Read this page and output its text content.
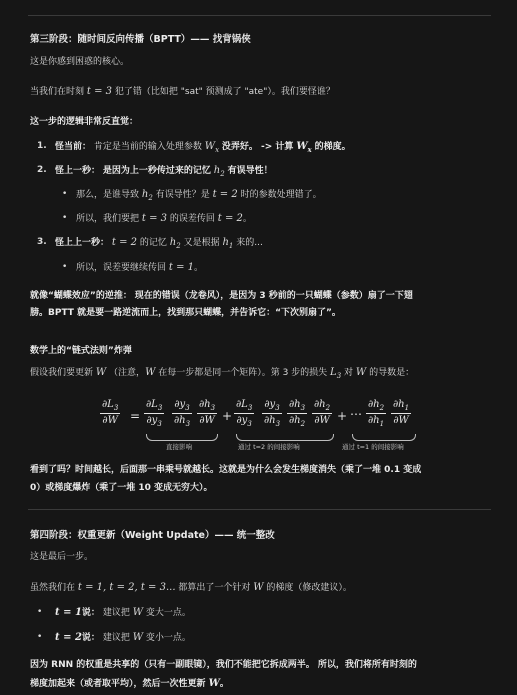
第三阶段：随时间反向传播（BPTT）—— 找背锅侠
这是你感到困惑的核心。
当我们在时刻 t = 3 犯了错（比如把 "sat" 预测成了 "ate"）。我们要怪谁？
这一步的逻辑非常反直觉：
1. 怪当前： 肯定是当前的输入处理参数 $W_x$ 没弄好。 -> 计算 $W_x$ 的梯度。
2. 怪上一秒： 是因为上一秒传过来的记忆 $h_2$ 有误导性！
• 那么，是谁导致 $h_2$ 有误导性？是 t = 2 时的参数处理错了。
• 所以，我们要把 t = 3 的误差传回 t = 2。
3. 怪上上一秒： t = 2 的记忆 $h_2$ 又是根据 $h_1$ 来的...
• 所以，误差要继续传回 t = 1。
就像“蝴蝶效应”的逆推： 现在的错误（龙卷风），是因为 3 秒前的一只蝴蝶（参数）扇了一下翅
膀。BPTT 就是要一路逆流而上，找到那只蝴蝶，并告诉它：“下次别扇了”。
数学上的“链式法则”炸弹
假设我们要更新 W （注意，W 在每一步都是同一个矩阵）。第 3 步的损失 $L_3$ 对 W 的导数是：
$\frac{\partial L_3}{\partial W} = \frac{\partial L_3}{\partial y_3} \frac{\partial y_3}{\partial h_3} \frac{\partial h_3}{\partial W}$
直接影响
+ $\frac{\partial L_3}{\partial y_3} \frac{\partial y_3}{\partial h_3} \frac{\partial h_3}{\partial h_2} \frac{\partial h_2}{\partial W}$
通过 t=2 的间接影响
+ ⋯ $\frac{\partial h_2}{\partial h_1} \frac{\partial h_1}{\partial W}$
通过 t=1 的间接影响
看到了吗？时间越长，后面那一串乘号就越长。这就是为什么会发生梯度消失（乘了一堆 0.1 变成
0）或梯度爆炸（乘了一堆 10 变成无穷大）。
第四阶段：权重更新（Weight Update）—— 统一整改
这是最后一步。
虽然我们在 t = 1, t = 2, t = 3... 都算出了一个针对 W 的梯度（修改建议）。
• t = 1说： 建议把 W 变大一点。
• t = 2说： 建议把 W 变小一点。
因为 RNN 的权重是共享的（只有一副眼镜），我们不能把它拆成两半。 所以，我们将所有时刻的
梯度加起来（或者取平均），然后一次性更新 W。
